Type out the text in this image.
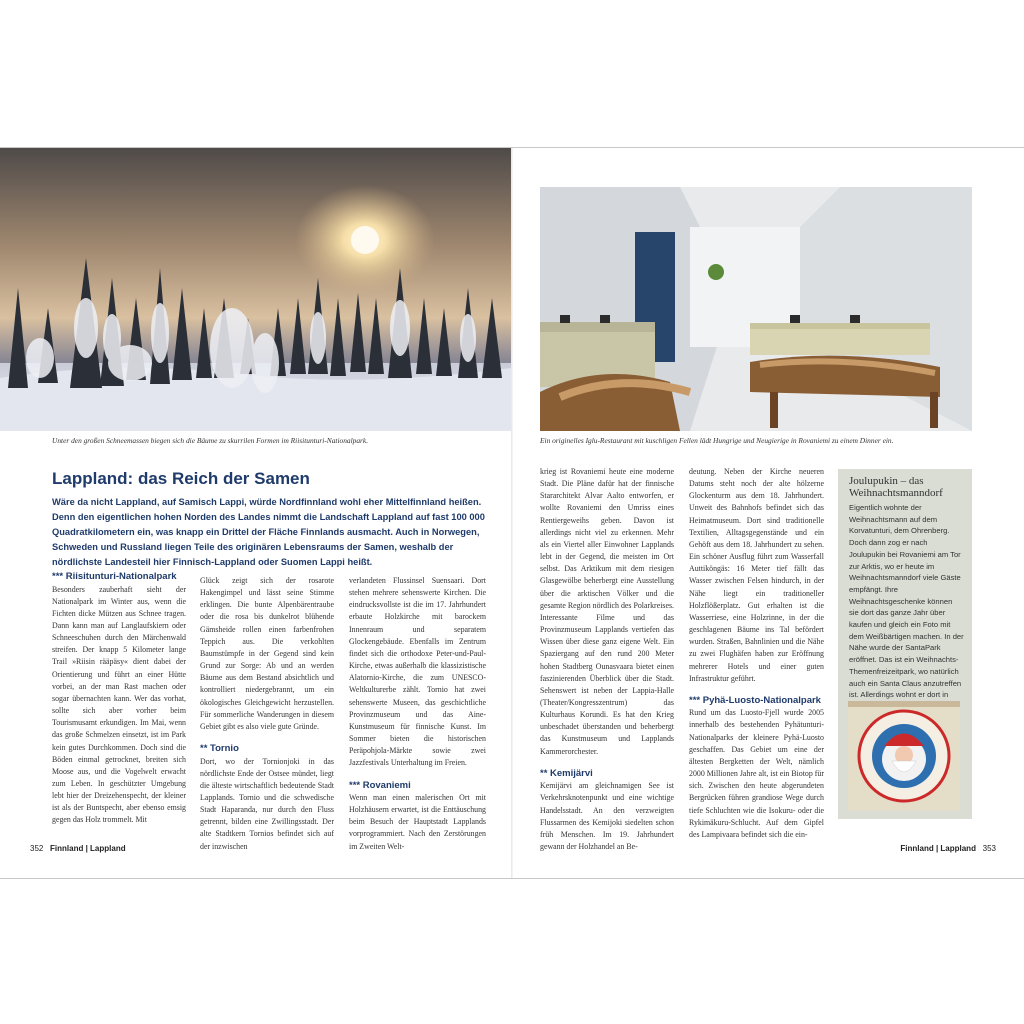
Unter den großen Schneemassen biegen sich die Bäume zu skurrilen Formen im Riisitunturi-Nationalpark.	Ein originelles Iglu-Restaurant mit kuschligen Fellen lädt Hungrige und Neugierige in Rovaniemi zu einem Dinner ein.
Lappland: das Reich der Samen

Wäre da nicht Lappland, auf Samisch Lappi, würde Nordfinnland wohl eher Mittelfinnland heißen. Denn den eigentlichen hohen Norden des Landes nimmt die Landschaft Lappland auf fast 100 000 Quadratkilometern ein, was knapp ein Drittel der Fläche Finnlands ausmacht. Auch in Norwegen, Schweden und Russland liegen Teile des originären Lebensraums der Samen, weshalb der nördlichste Landesteil hier Finnisch-Lappland oder Suomen Lappi heißt.

*** Riisitunturi-Nationalpark

Besonders zauberhaft sieht der Nationalpark im Winter aus, wenn die Fichten dicke Mützen aus Schnee tragen. Dann kann man auf Langlaufskiern oder Schneeschuhen durch den Märchenwald streifen. Der knapp 5 Kilometer lange Trail »Riisin rääpäsy« dient dabei der Orientierung und führt an einer Hütte vorbei, an der man Rast machen oder sogar übernachten kann. Wer das vorhat, sollte sich aber vorher beim Tourismusamt erkundigen. Im Mai, wenn das große Schmelzen einsetzt, ist im Park kein gutes Durchkommen. Doch sind die Böden einmal getrocknet, breiten sich Moose aus, und die Vogelwelt erwacht zum Leben. In geschützter Umgebung lebt hier der Dreizehenspecht, der kleiner ist als der Buntspecht, aber ebenso emsig gegen das Holz trommelt. Mit

Glück zeigt sich der rosarote Hakengimpel und lässt seine Stimme erklingen. Die bunte Alpenbärentraube oder die rosa bis dunkelrot blühende Gämsheide rollen einen farbenfrohen Teppich aus. Die verkohlten Baumstümpfe in der Gegend sind kein Grund zur Sorge: Ab und an werden Bäume aus dem Bestand absichtlich und kontrolliert niedergebrannt, um ein ökologisches Gleichgewicht herzustellen. Für sommerliche Wanderungen in diesem Gebiet gibt es also viele gute Gründe.

** Tornio

Dort, wo der Tornionjoki in das nördlichste Ende der Ostsee mündet, liegt die älteste wirtschaftlich bedeutende Stadt Lapplands. Tornio und die schwedische Stadt Haparanda, nur durch den Fluss getrennt, bilden eine Zwillingsstadt. Der alte Stadtkern Tornios befindet sich auf der inzwischen

verlandeten Flussinsel Suensaari. Dort stehen mehrere sehenswerte Kirchen. Die eindrucksvollste ist die im 17. Jahrhundert erbaute Holzkirche mit barockem Innenraum und separatem Glockengebäude. Ebenfalls im Zentrum findet sich die orthodoxe Peter-und-Paul-Kirche, etwas außerhalb die klassizistische Alatornio-Kirche, die zum UNESCO-Weltkulturerbe zählt. Tornio hat zwei sehenswerte Museen, das geschichtliche Provinzmuseum und das Aine-Kunstmuseum für finnische Kunst. Im Sommer bieten die historischen Peräpohjola-Märkte sowie zwei Jazzfestivals Unterhaltung im Freien.

*** Rovaniemi

Wenn man einen malerischen Ort mit Holzhäusern erwartet, ist die Enttäuschung beim Besuch der Hauptstadt Lapplands vorprogrammiert. Nach den Zerstörungen im Zweiten Welt-

krieg ist Rovaniemi heute eine moderne Stadt. Die Pläne dafür hat der finnische Stararchitekt Alvar Aalto entworfen, er wollte Rovaniemi den Umriss eines Rentiergeweihs geben. Davon ist allerdings nicht viel zu erkennen. Mehr als ein Viertel aller Einwohner Lapplands lebt in der Gegend, die meisten im Ort selbst. Das Arktikum mit dem riesigen Glasgewölbe beherbergt eine Ausstellung über die arktischen Völker und die gesamte Region nördlich des Polarkreises. Interessante Filme und das Provinzmuseum Lapplands vertiefen das Wissen über diese ganz eigene Welt. Ein Spaziergang auf den rund 200 Meter hohen Stadtberg Ounasvaara bietet einen faszinierenden Überblick über die Stadt. Sehenswert ist neben der Lappia-Halle (Theater/Kongresszentrum) das Kulturhaus Korundi. Es hat den Krieg unbeschadet überstanden und beherbergt das Kunstmuseum und Lapplands Kammerorchester.

** Kemijärvi

Kemijärvi am gleichnamigen See ist Verkehrsknotenpunkt und eine wichtige Handelsstadt. An den verzweigten Flussarmen des Kemijoki siedelten schon früh Menschen. Im 19. Jahrhundert gewann der Holzhandel an Be-

deutung. Neben der Kirche neueren Datums steht noch der alte hölzerne Glockenturm aus dem 18. Jahrhundert. Unweit des Bahnhofs befindet sich das Heimatmuseum. Dort sind traditionelle Textilien, Alltagsgegenstände und ein Gehöft aus dem 18. Jahrhundert zu sehen. Ein schöner Ausflug führt zum Wasserfall Auttiköngäs: 16 Meter tief fällt das Wasser zwischen Felsen hindurch, in der Nähe liegt ein traditioneller Holzflößerplatz. Gut erhalten ist die Wasserriese, eine Holzrinne, in der die geschlagenen Bäume ins Tal befördert wurden. Straßen, Bahnlinien und die Nähe zu zwei Flughäfen haben zur Eröffnung mehrerer Hotels und einer guten Infrastruktur geführt.

*** Pyhä-Luosto-Nationalpark

Rund um das Luosto-Fjell wurde 2005 innerhalb des bestehenden Pyhätunturi-Nationalparks der kleinere Pyhä-Luosto geschaffen. Das Gebiet um eine der ältesten Bergketten der Welt, nämlich 2000 Millionen Jahre alt, ist ein Biotop für sich. Zwischen den heute abgerundeten Bergrücken führen grandiose Wege durch tiefe Schluchten wie die Isokuru- oder die Rykimäkuru-Schlucht. Auf dem Gipfel des Lampivaara befindet sich die ein-

Joulupukin – das Weihnachtsmanndorf

Eigentlich wohnte der Weihnachtsmann auf dem Korvatunturi, dem Ohrenberg. Doch dann zog er nach Joulupukin bei Rovaniemi am Tor zur Arktis, wo er heute im Weihnachtsmanndorf viele Gäste empfängt. Ihre Weihnachtsgeschenke können sie dort das ganze Jahr über kaufen und gleich ein Foto mit dem Weißbärtigen machen. In der Nähe wurde der SantaPark eröffnet. Das ist ein Weihnachts-Themenfreizeitpark, wo natürlich auch ein Santa Claus anzutreffen ist. Allerdings wohnt er dort in

352 Finnland | Lappland	Finnland | Lappland 353
